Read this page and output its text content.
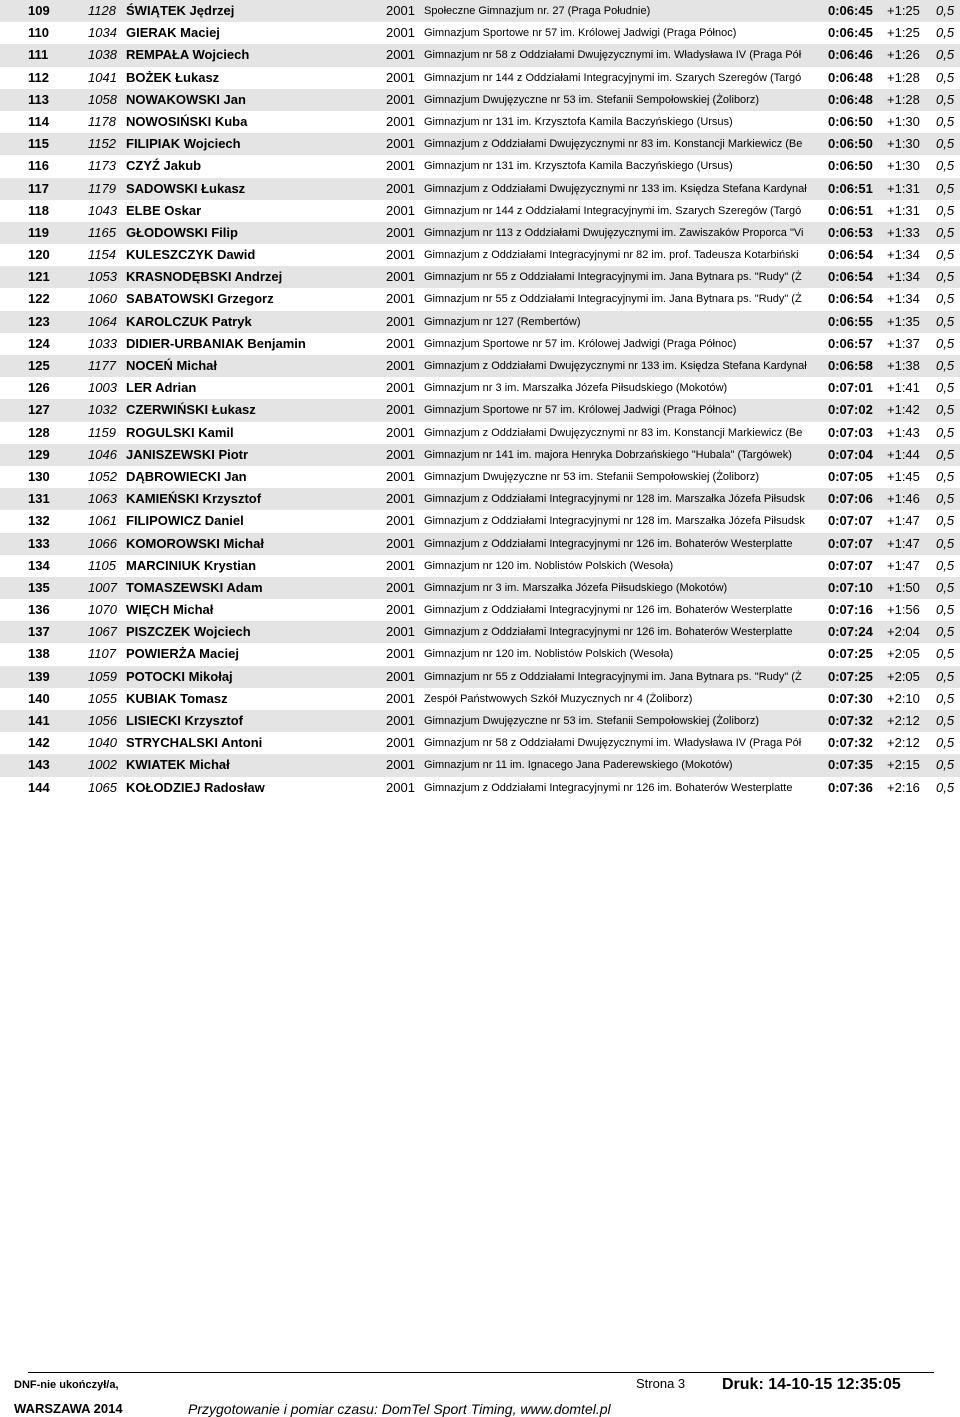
109	1128 ŚWIĄTEK Jędrzej	2001 Społeczne Gimnazjum nr. 27 (Praga Południe)	0:06:45	+1:25	0,5
110	1034 GIERAK Maciej	2001 Gimnazjum Sportowe nr 57 im. Królowej Jadwigi (Praga Północ)	0:06:45	+1:25	0,5
111	1038 REMPAŁA Wojciech	2001 Gimnazjum nr 58 z Oddziałami Dwujęzycznymi im. Władysława IV (Praga Pół	0:06:46	+1:26	0,5
112	1041 BOŻEK Łukasz	2001 Gimnazjum nr 144 z Oddziałami Integracyjnymi im. Szarych Szeregów (Targó	0:06:48	+1:28	0,5
113	1058 NOWAKOWSKI Jan	2001 Gimnazjum Dwujęzyczne nr 53 im. Stefanii Sempołowskiej (Żoliborz)	0:06:48	+1:28	0,5
114	1178 NOWOSIŃSKI Kuba	2001 Gimnazjum nr 131 im. Krzysztofa Kamila Baczyńskiego (Ursus)	0:06:50	+1:30	0,5
115	1152 FILIPIAK Wojciech	2001 Gimnazjum z Oddziałami Dwujęzycznymi nr 83 im. Konstancji Markiewicz (Be	0:06:50	+1:30	0,5
116	1173 CZYŹ Jakub	2001 Gimnazjum nr 131 im. Krzysztofa Kamila Baczyńskiego (Ursus)	0:06:50	+1:30	0,5
117	1179 SADOWSKI Łukasz	2001 Gimnazjum z Oddziałami Dwujęzycznymi nr 133 im. Księdza Stefana Kardynał	0:06:51	+1:31	0,5
118	1043 ELBE Oskar	2001 Gimnazjum nr 144 z Oddziałami Integracyjnymi im. Szarych Szeregów (Targó	0:06:51	+1:31	0,5
119	1165 GŁODOWSKI Filip	2001 Gimnazjum nr 113 z Oddziałami Dwujęzycznymi im. Zawiszaków Proporca "Vi	0:06:53	+1:33	0,5
120	1154 KULESZCZYK Dawid	2001 Gimnazjum z Oddziałami Integracyjnymi nr 82 im. prof. Tadeusza Kotarbiński	0:06:54	+1:34	0,5
121	1053 KRASNODĘBSKI Andrzej	2001 Gimnazjum nr 55 z Oddziałami Integracyjnymi im. Jana Bytnara ps. "Rudy" (Ż	0:06:54	+1:34	0,5
122	1060 SABATOWSKI Grzegorz	2001 Gimnazjum nr 55 z Oddziałami Integracyjnymi im. Jana Bytnara ps. "Rudy" (Ż	0:06:54	+1:34	0,5
123	1064 KAROLCZUK Patryk	2001 Gimnazjum nr 127 (Rembertów)	0:06:55	+1:35	0,5
124	1033 DIDIER-URBANIAK Benjamin	2001 Gimnazjum Sportowe nr 57 im. Królowej Jadwigi (Praga Północ)	0:06:57	+1:37	0,5
125	1177 NOCEŃ Michał	2001 Gimnazjum z Oddziałami Dwujęzycznymi nr 133 im. Księdza Stefana Kardynał	0:06:58	+1:38	0,5
126	1003 LER Adrian	2001 Gimnazjum nr 3 im. Marszałka Józefa Piłsudskiego (Mokotów)	0:07:01	+1:41	0,5
127	1032 CZERWIŃSKI Łukasz	2001 Gimnazjum Sportowe nr 57 im. Królowej Jadwigi (Praga Północ)	0:07:02	+1:42	0,5
128	1159 ROGULSKI Kamil	2001 Gimnazjum z Oddziałami Dwujęzycznymi nr 83 im. Konstancji Markiewicz (Be	0:07:03	+1:43	0,5
129	1046 JANISZEWSKI Piotr	2001 Gimnazjum nr 141 im. majora Henryka Dobrzańskiego "Hubala" (Targówek)	0:07:04	+1:44	0,5
130	1052 DĄBROWIECKI Jan	2001 Gimnazjum Dwujęzyczne nr 53 im. Stefanii Sempołowskiej (Żoliborz)	0:07:05	+1:45	0,5
131	1063 KAMIEŃSKI Krzysztof	2001 Gimnazjum z Oddziałami Integracyjnymi nr 128 im. Marszałka Józefa Piłsudsk	0:07:06	+1:46	0,5
132	1061 FILIPOWICZ Daniel	2001 Gimnazjum z Oddziałami Integracyjnymi nr 128 im. Marszałka Józefa Piłsudsk	0:07:07	+1:47	0,5
133	1066 KOMOROWSKI Michał	2001 Gimnazjum z Oddziałami Integracyjnymi nr 126 im. Bohaterów Westerplatte	0:07:07	+1:47	0,5
134	1105 MARCINIUK Krystian	2001 Gimnazjum nr 120 im. Noblistów Polskich (Wesoła)	0:07:07	+1:47	0,5
135	1007 TOMASZEWSKI Adam	2001 Gimnazjum nr 3 im. Marszałka Józefa Piłsudskiego (Mokotów)	0:07:10	+1:50	0,5
136	1070 WIĘCH Michał	2001 Gimnazjum z Oddziałami Integracyjnymi nr 126 im. Bohaterów Westerplatte	0:07:16	+1:56	0,5
137	1067 PISZCZEK Wojciech	2001 Gimnazjum z Oddziałami Integracyjnymi nr 126 im. Bohaterów Westerplatte	0:07:24	+2:04	0,5
138	1107 POWIERŻA Maciej	2001 Gimnazjum nr 120 im. Noblistów Polskich (Wesoła)	0:07:25	+2:05	0,5
139	1059 POTOCKI Mikołaj	2001 Gimnazjum nr 55 z Oddziałami Integracyjnymi im. Jana Bytnara ps. "Rudy" (Ż	0:07:25	+2:05	0,5
140	1055 KUBIAK Tomasz	2001 Zespół Państwowych Szkół Muzycznych nr 4 (Żoliborz)	0:07:30	+2:10	0,5
141	1056 LISIECKI Krzysztof	2001 Gimnazjum Dwujęzyczne nr 53 im. Stefanii Sempołowskiej (Żoliborz)	0:07:32	+2:12	0,5
142	1040 STRYCHALSKI Antoni	2001 Gimnazjum nr 58 z Oddziałami Dwujęzycznymi im. Władysława IV (Praga Pół	0:07:32	+2:12	0,5
143	1002 KWIATEK Michał	2001 Gimnazjum nr 11 im. Ignacego Jana Paderewskiego (Mokotów)	0:07:35	+2:15	0,5
144	1065 KOŁODZIEJ Radosław	2001 Gimnazjum z Oddziałami Integracyjnymi nr 126 im. Bohaterów Westerplatte	0:07:36	+2:16	0,5
DNF-nie ukończył/a,	Strona 3 Druk: 14-10-15 12:35:05
WARSZAWA 2014	Przygotowanie i pomiar czasu: DomTel Sport Timing, www.domtel.pl
